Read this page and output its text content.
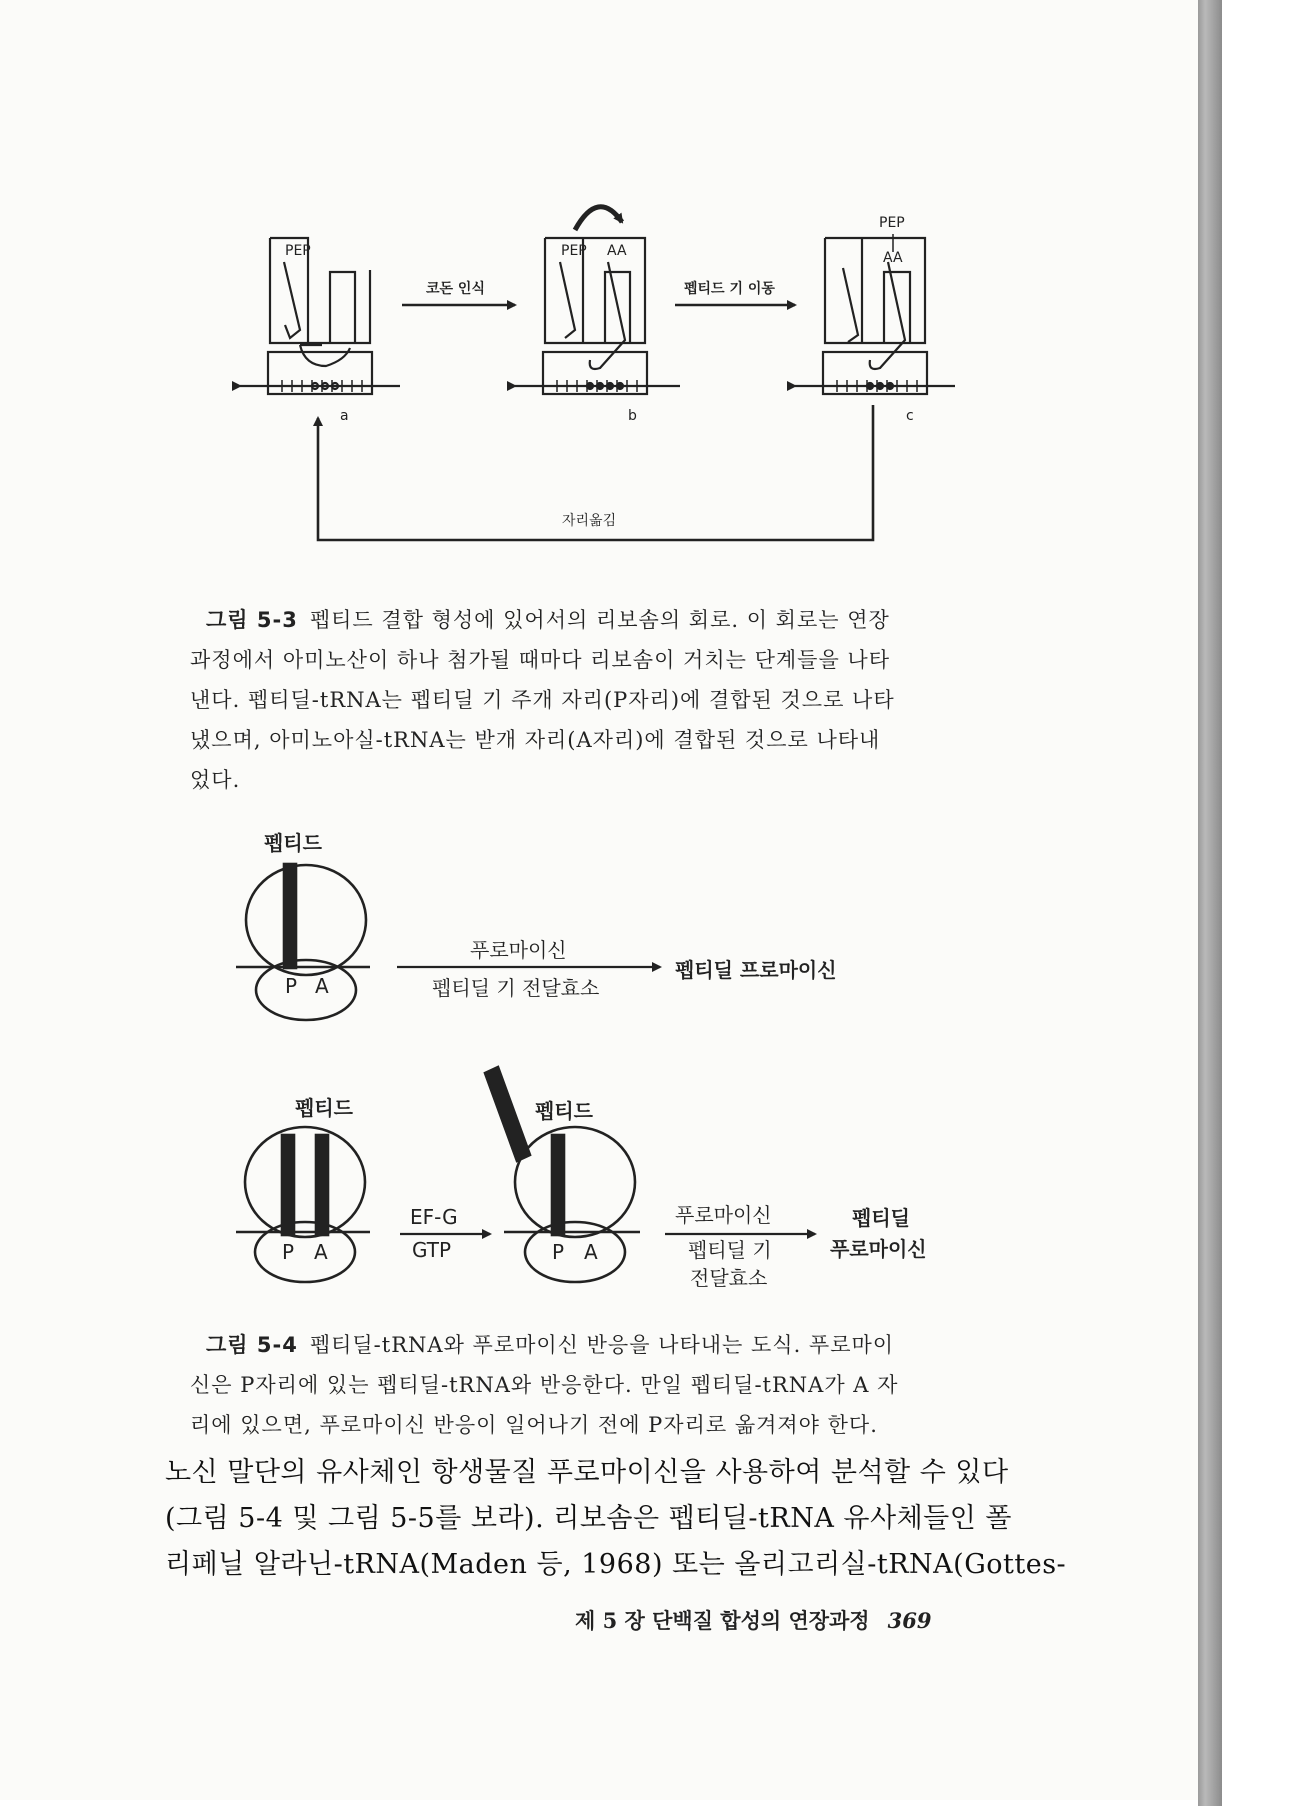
PEP	PEP AA
PEP
AA
a	b	c
코돈 인식	펩티드 기 이동
자리옮김
펩티드
P A
푸로마이신
펩티딜 기 전달효소
펩티딜 프로마이신
펩티드
P A
EF-G
GTP
펩티드
P A
푸로마이신
펩티딜 기
전달효소
펩티딜
푸로마이신
그림 5-3 펩티드 결합 형성에 있어서의 리보솜의 회로. 이 회로는 연장
과정에서 아미노산이 하나 첨가될 때마다 리보솜이 거치는 단계들을 나타
낸다. 펩티딜-tRNA는 펩티딜 기 주개 자리(P자리)에 결합된 것으로 나타
냈으며, 아미노아실-tRNA는 받개 자리(A자리)에 결합된 것으로 나타내
었다.
그림 5-4 펩티딜-tRNA와 푸로마이신 반응을 나타내는 도식. 푸로마이
신은 P자리에 있는 펩티딜-tRNA와 반응한다. 만일 펩티딜-tRNA가 A 자
리에 있으면, 푸로마이신 반응이 일어나기 전에 P자리로 옮겨져야 한다.
노신 말단의 유사체인 항생물질 푸로마이신을 사용하여 분석할 수 있다
(그림 5-4 및 그림 5-5를 보라). 리보솜은 펩티딜-tRNA 유사체들인 폴
리페닐 알라닌-tRNA(Maden 등, 1968) 또는 올리고리실-tRNA(Gottes-
제 5 장 단백질 합성의 연장과정 369
